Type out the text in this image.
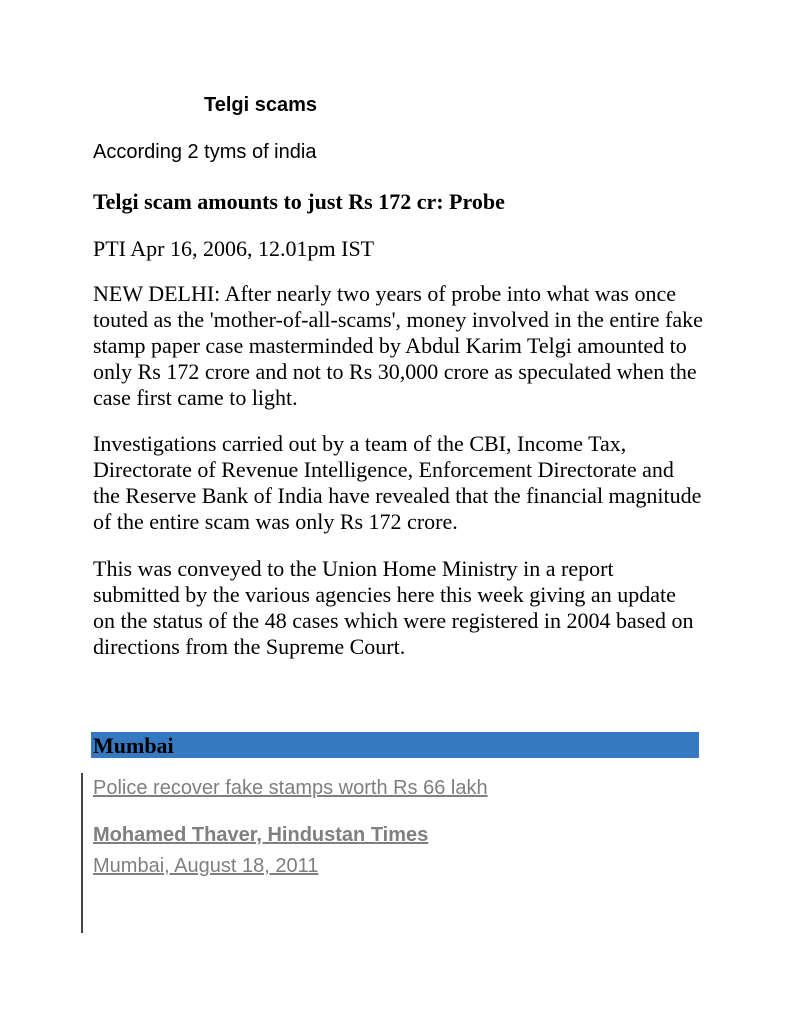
Telgi scams

According 2 tyms of india

Telgi scam amounts to just Rs 172 cr: Probe

PTI Apr 16, 2006, 12.01pm IST

NEW DELHI: After nearly two years of probe into what was once touted as the 'mother-of-all-scams', money involved in the entire fake stamp paper case masterminded by Abdul Karim Telgi amounted to only Rs 172 crore and not to Rs 30,000 crore as speculated when the case first came to light.

Investigations carried out by a team of the CBI, Income Tax, Directorate of Revenue Intelligence, Enforcement Directorate and the Reserve Bank of India have revealed that the financial magnitude of the entire scam was only Rs 172 crore.

This was conveyed to the Union Home Ministry in a report submitted by the various agencies here this week giving an update on the status of the 48 cases which were registered in 2004 based on directions from the Supreme Court.

Mumbai
Police recover fake stamps worth Rs 66 lakh
Mohamed Thaver, Hindustan Times
Mumbai, August 18, 2011
